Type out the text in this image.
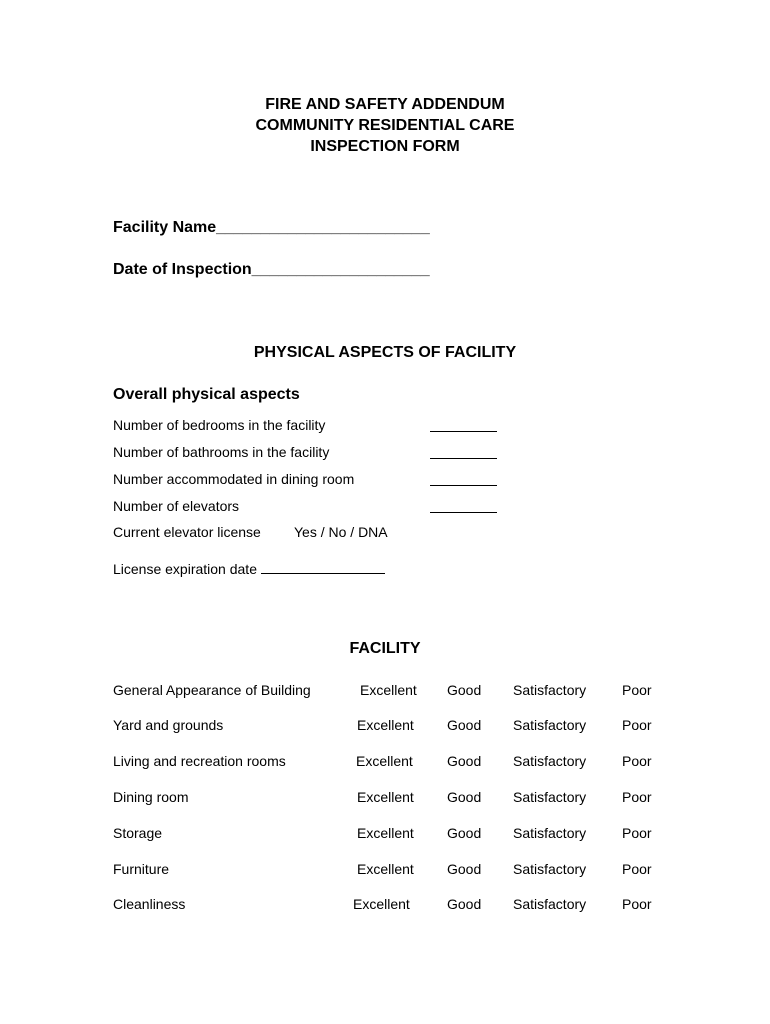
FIRE AND SAFETY ADDENDUM
COMMUNITY RESIDENTIAL CARE
INSPECTION FORM
Facility Name________________________
Date of Inspection____________________
PHYSICAL ASPECTS OF FACILITY
Overall physical aspects
Number of bedrooms in the facility
Number of bathrooms in the facility
Number accommodated in dining room
Number of elevators
Current elevator license Yes / No / DNA
License expiration date
FACILITY
General Appearance of Building	Excellent Good Satisfactory	Poor
Yard and grounds	Excellent Good Satisfactory	Poor
Living and recreation rooms	Excellent Good Satisfactory	Poor
Dining room	Excellent Good Satisfactory	Poor
Storage	Excellent Good Satisfactory	Poor
Furniture	Excellent Good Satisfactory	Poor
Cleanliness	Excellent	Good Satisfactory	Poor
